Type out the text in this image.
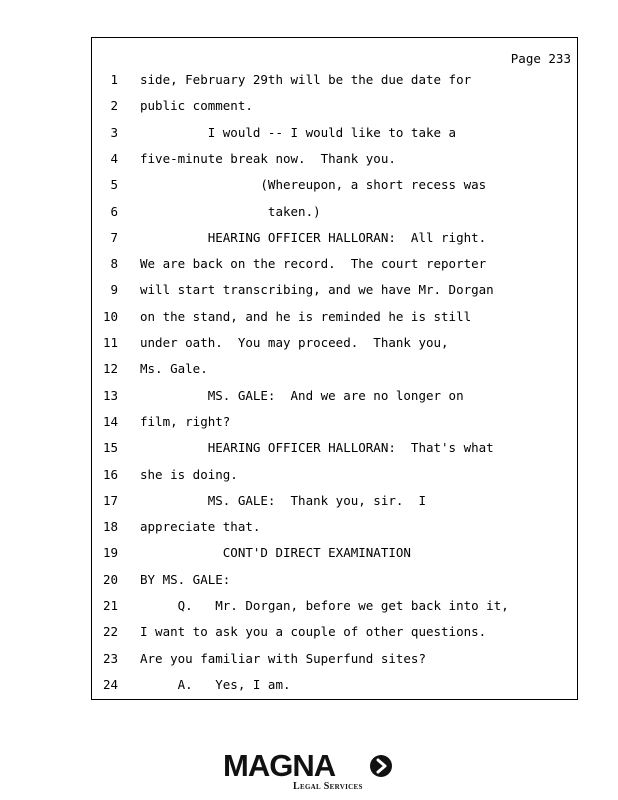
Page 233
1 side, February 29th will be the due date for
2 public comment.
3 I would -- I would like to take a
4 five-minute break now.  Thank you.
5 (Whereupon, a short recess was
6 taken.)
7 HEARING OFFICER HALLORAN:  All right.
8 We are back on the record.  The court reporter
9 will start transcribing, and we have Mr. Dorgan
10 on the stand, and he is reminded he is still
11 under oath.  You may proceed.  Thank you,
12 Ms. Gale.
13 MS. GALE:  And we are no longer on
14 film, right?
15 HEARING OFFICER HALLORAN:  That's what
16 she is doing.
17 MS. GALE:  Thank you, sir.  I
18 appreciate that.
19 CONT'D DIRECT EXAMINATION
20 BY MS. GALE:
21 Q.   Mr. Dorgan, before we get back into it,
22 I want to ask you a couple of other questions.
23 Are you familiar with Superfund sites?
24 A.   Yes, I am.
MAGNA
Legal Services
